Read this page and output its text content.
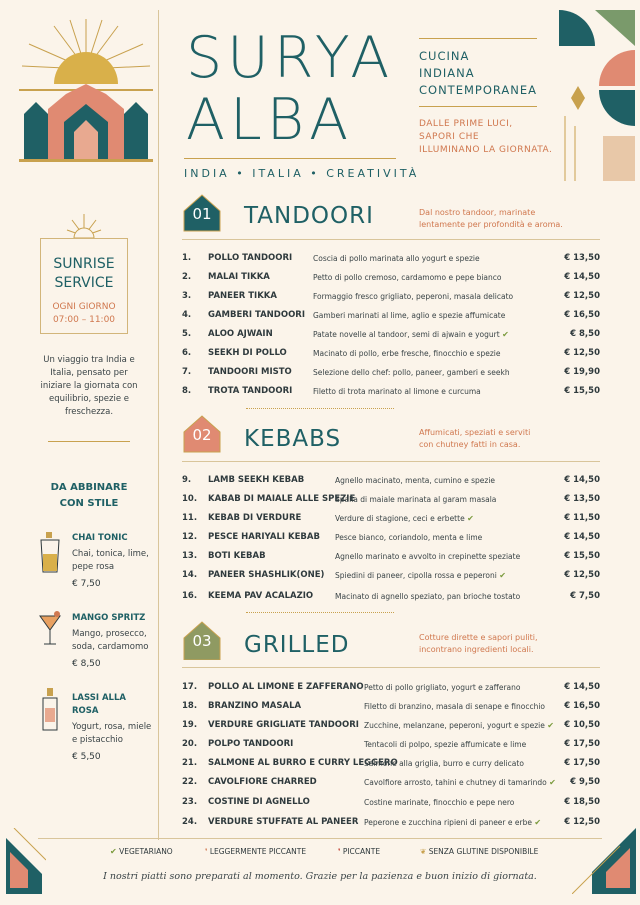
SURYA
ALBA
INDIA • ITALIA • CREATIVITÀ
CUCINA
INDIANA
CONTEMPORANEA
DALLE PRIME LUCI,
SAPORI CHE
ILLUMINANO LA GIORNATA.
SUNRISE
SERVICE
OGNI GIORNO
07:00 – 11:00
Un viaggio tra India e Italia, pensato per iniziare la giornata con equilibrio, spezie e freschezza.
DA ABBINARE
CON STILE
CHAI TONIC
Chai, tonica, lime, pepe rosa
€ 7,50
MANGO SPRITZ
Mango, prosecco, soda, cardamomo
€ 8,50
LASSI ALLA ROSA
Yogurt, rosa, miele e pistacchio
€ 5,50
01	TANDOORI	Dal nostro tandoor, marinate
lentamente per profondità e aroma.
1. POLLO TANDOORI	Coscia di pollo marinata allo yogurt e spezie	€ 13,50
2. MALAI TIKKA	Petto di pollo cremoso, cardamomo e pepe bianco	€ 14,50
3. PANEER TIKKA	Formaggio fresco grigliato, peperoni, masala delicato	€ 12,50
4. GAMBERI TANDOORI Gamberi marinati al lime, aglio e spezie affumicate	€ 16,50
5. ALOO AJWAIN	Patate novelle al tandoor, semi di ajwain e yogurt ✔	€ 8,50
6. SEEKH DI POLLO	Macinato di pollo, erbe fresche, finocchio e spezie	€ 12,50
7. TANDOORI MISTO	Selezione dello chef: pollo, paneer, gamberi e seekh	€ 19,90
8. TROTA TANDOORI	Filetto di trota marinato al limone e curcuma	€ 15,50
02	KEBABS	Affumicati, speziati e serviti
con chutney fatti in casa.
9. LAMB SEEKH KEBAB	Agnello macinato, menta, cumino e spezie	€ 14,50
10. KABAB DI MAIALE ALLE SPEZIE
Spalla di maiale marinata al garam masala	€ 13,50
11. KEBAB DI VERDURE	Verdure di stagione, ceci e erbette ✔	€ 11,50
12. PESCE HARIYALI KEBAB Pesce bianco, coriandolo, menta e lime	€ 14,50
13. BOTI KEBAB	Agnello marinato e avvolto in crepinette speziate	€ 15,50
14. PANEER SHASHLIK(ONE) Spiedini di paneer, cipolla rossa e peperoni ✔	€ 12,50
16. KEEMA PAV ACALAZIO	Macinato di agnello speziato, pan brioche tostato	€ 7,50
03	GRILLED	Cotture dirette e sapori puliti,
incontrano ingredienti locali.
17. POLLO AL LIMONE E ZAFFERANO Petto di pollo grigliato, yogurt e zafferano	€ 14,50
18. BRANZINO MASALA	Filetto di branzino, masala di senape e finocchio € 16,50
19. VERDURE GRIGLIATE TANDOORI Zucchine, melanzane, peperoni, yogurt e spezie ✔ € 10,50
20. POLPO TANDOORI	Tentacoli di polpo, spezie affumicate e lime	€ 17,50
21. SALMONE AL BURRO E CURRY LEGGERO
Salmone alla griglia, burro e curry delicato	€ 17,50
22. CAVOLFIORE CHARRED	Cavolfiore arrosto, tahini e chutney di tamarindo ✔ € 9,50
23. COSTINE DI AGNELLO	Costine marinate, finocchio e pepe nero	€ 18,50
24. VERDURE STUFFATE AL PANEER Peperone e zucchina ripieni di paneer e erbe ✔	€ 12,50
✔ VEGETARIANO	❜ LEGGERMENTE PICCANTE	❜ PICCANTE	❦ SENZA GLUTINE DISPONIBILE
I nostri piatti sono preparati al momento. Grazie per la pazienza e buon inizio di giornata.
